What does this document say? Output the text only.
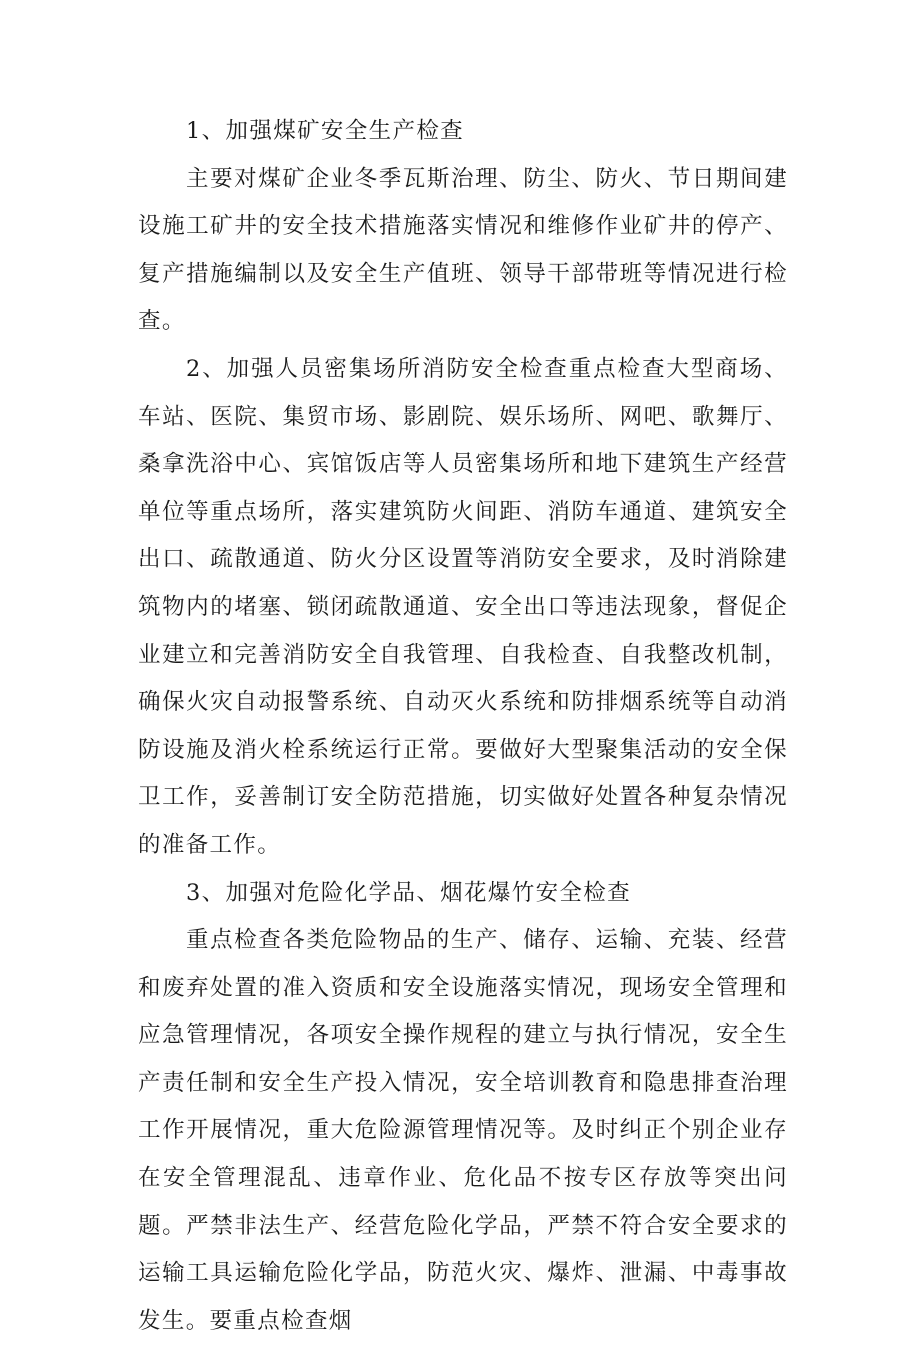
1、加强煤矿安全生产检查

主要对煤矿企业冬季瓦斯治理、防尘、防火、节日期间建设施工矿井的安全技术措施落实情况和维修作业矿井的停产、复产措施编制以及安全生产值班、领导干部带班等情况进行检查。

2、加强人员密集场所消防安全检查重点检查大型商场、车站、医院、集贸市场、影剧院、娱乐场所、网吧、歌舞厅、桑拿洗浴中心、宾馆饭店等人员密集场所和地下建筑生产经营单位等重点场所，落实建筑防火间距、消防车通道、建筑安全出口、疏散通道、防火分区设置等消防安全要求，及时消除建筑物内的堵塞、锁闭疏散通道、安全出口等违法现象，督促企业建立和完善消防安全自我管理、自我检查、自我整改机制，确保火灾自动报警系统、自动灭火系统和防排烟系统等自动消防设施及消火栓系统运行正常。要做好大型聚集活动的安全保卫工作，妥善制订安全防范措施，切实做好处置各种复杂情况的准备工作。

3、加强对危险化学品、烟花爆竹安全检查

重点检查各类危险物品的生产、储存、运输、充装、经营和废弃处置的准入资质和安全设施落实情况，现场安全管理和应急管理情况，各项安全操作规程的建立与执行情况，安全生产责任制和安全生产投入情况，安全培训教育和隐患排查治理工作开展情况，重大危险源管理情况等。及时纠正个别企业存在安全管理混乱、违章作业、危化品不按专区存放等突出问题。严禁非法生产、经营危险化学品，严禁不符合安全要求的运输工具运输危险化学品，防范火灾、爆炸、泄漏、中毒事故发生。要重点检查烟
